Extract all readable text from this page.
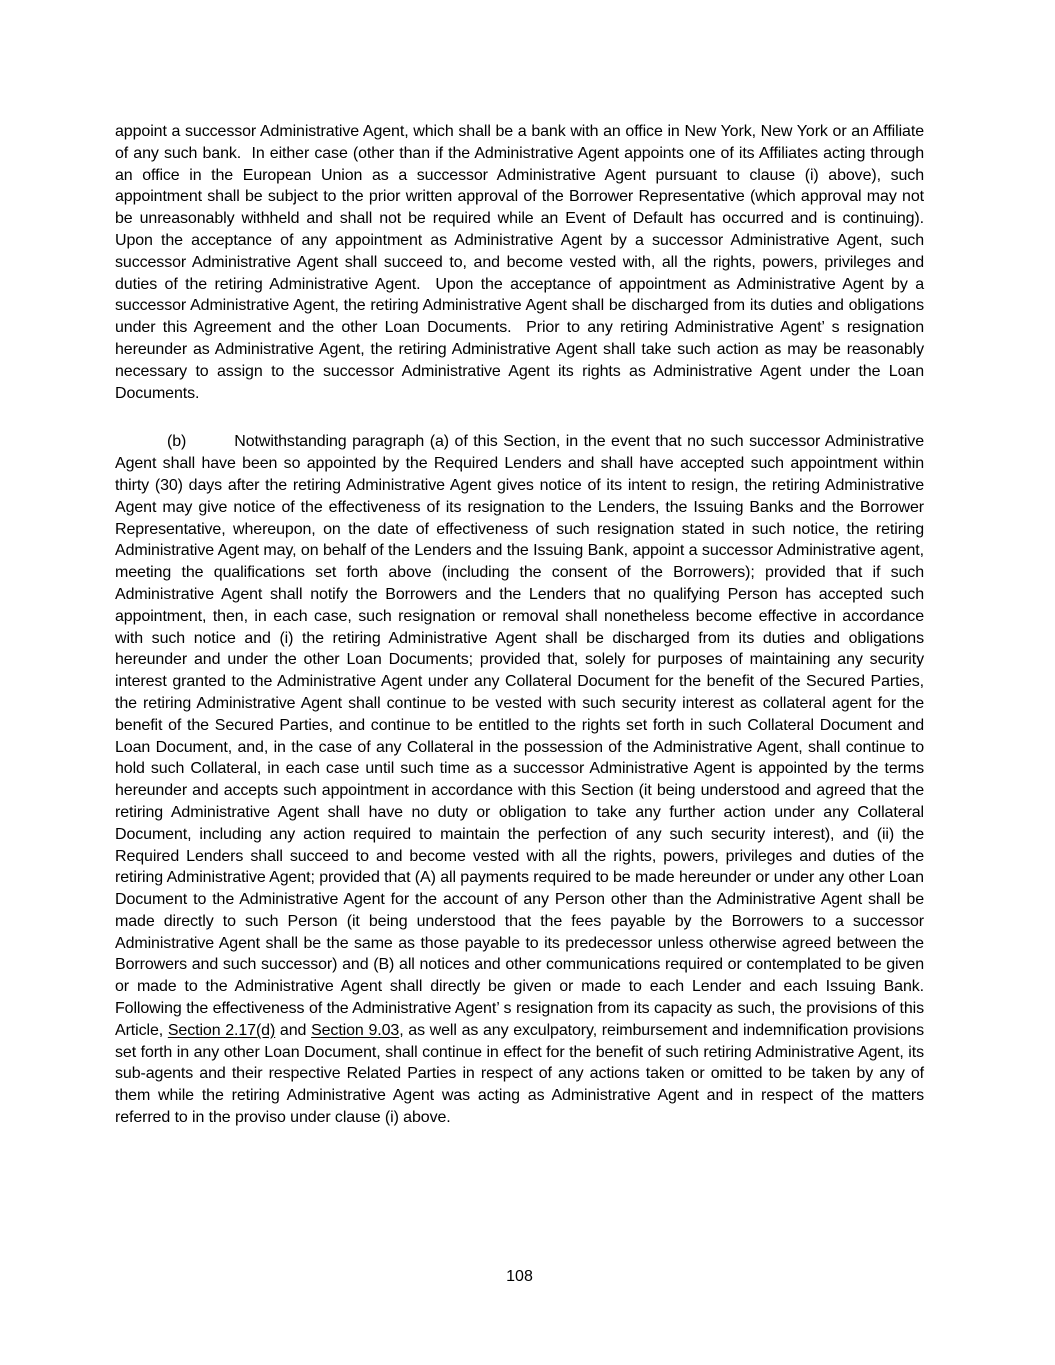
appoint a successor Administrative Agent, which shall be a bank with an office in New York, New York or an Affiliate of any such bank.  In either case (other than if the Administrative Agent appoints one of its Affiliates acting through an office in the European Union as a successor Administrative Agent pursuant to clause (i) above), such appointment shall be subject to the prior written approval of the Borrower Representative (which approval may not be unreasonably withheld and shall not be required while an Event of Default has occurred and is continuing).  Upon the acceptance of any appointment as Administrative Agent by a successor Administrative Agent, such successor Administrative Agent shall succeed to, and become vested with, all the rights, powers, privileges and duties of the retiring Administrative Agent.  Upon the acceptance of appointment as Administrative Agent by a successor Administrative Agent, the retiring Administrative Agent shall be discharged from its duties and obligations under this Agreement and the other Loan Documents.  Prior to any retiring Administrative Agent’ s resignation hereunder as Administrative Agent, the retiring Administrative Agent shall take such action as may be reasonably necessary to assign to the successor Administrative Agent its rights as Administrative Agent under the Loan Documents.

(b)	Notwithstanding paragraph (a) of this Section, in the event that no such successor Administrative Agent shall have been so appointed by the Required Lenders and shall have accepted such appointment within thirty (30) days after the retiring Administrative Agent gives notice of its intent to resign, the retiring Administrative Agent may give notice of the effectiveness of its resignation to the Lenders, the Issuing Banks and the Borrower Representative, whereupon, on the date of effectiveness of such resignation stated in such notice, the retiring Administrative Agent may, on behalf of the Lenders and the Issuing Bank, appoint a successor Administrative agent, meeting the qualifications set forth above (including the consent of the Borrowers); provided that if such Administrative Agent shall notify the Borrowers and the Lenders that no qualifying Person has accepted such appointment, then, in each case, such resignation or removal shall nonetheless become effective in accordance with such notice and (i) the retiring Administrative Agent shall be discharged from its duties and obligations hereunder and under the other Loan Documents; provided that, solely for purposes of maintaining any security interest granted to the Administrative Agent under any Collateral Document for the benefit of the Secured Parties, the retiring Administrative Agent shall continue to be vested with such security interest as collateral agent for the benefit of the Secured Parties, and continue to be entitled to the rights set forth in such Collateral Document and Loan Document, and, in the case of any Collateral in the possession of the Administrative Agent, shall continue to hold such Collateral, in each case until such time as a successor Administrative Agent is appointed by the terms hereunder and accepts such appointment in accordance with this Section (it being understood and agreed that the retiring Administrative Agent shall have no duty or obligation to take any further action under any Collateral Document, including any action required to maintain the perfection of any such security interest), and (ii) the Required Lenders shall succeed to and become vested with all the rights, powers, privileges and duties of the retiring Administrative Agent; provided that (A) all payments required to be made hereunder or under any other Loan Document to the Administrative Agent for the account of any Person other than the Administrative Agent shall be made directly to such Person (it being understood that the fees payable by the Borrowers to a successor Administrative Agent shall be the same as those payable to its predecessor unless otherwise agreed between the Borrowers and such successor) and (B) all notices and other communications required or contemplated to be given or made to the Administrative Agent shall directly be given or made to each Lender and each Issuing Bank. Following the effectiveness of the Administrative Agent’ s resignation from its capacity as such, the provisions of this Article, Section 2.17(d) and Section 9.03, as well as any exculpatory, reimbursement and indemnification provisions set forth in any other Loan Document, shall continue in effect for the benefit of such retiring Administrative Agent, its sub-agents and their respective Related Parties in respect of any actions taken or omitted to be taken by any of them while the retiring Administrative Agent was acting as Administrative Agent and in respect of the matters referred to in the proviso under clause (i) above.

108
